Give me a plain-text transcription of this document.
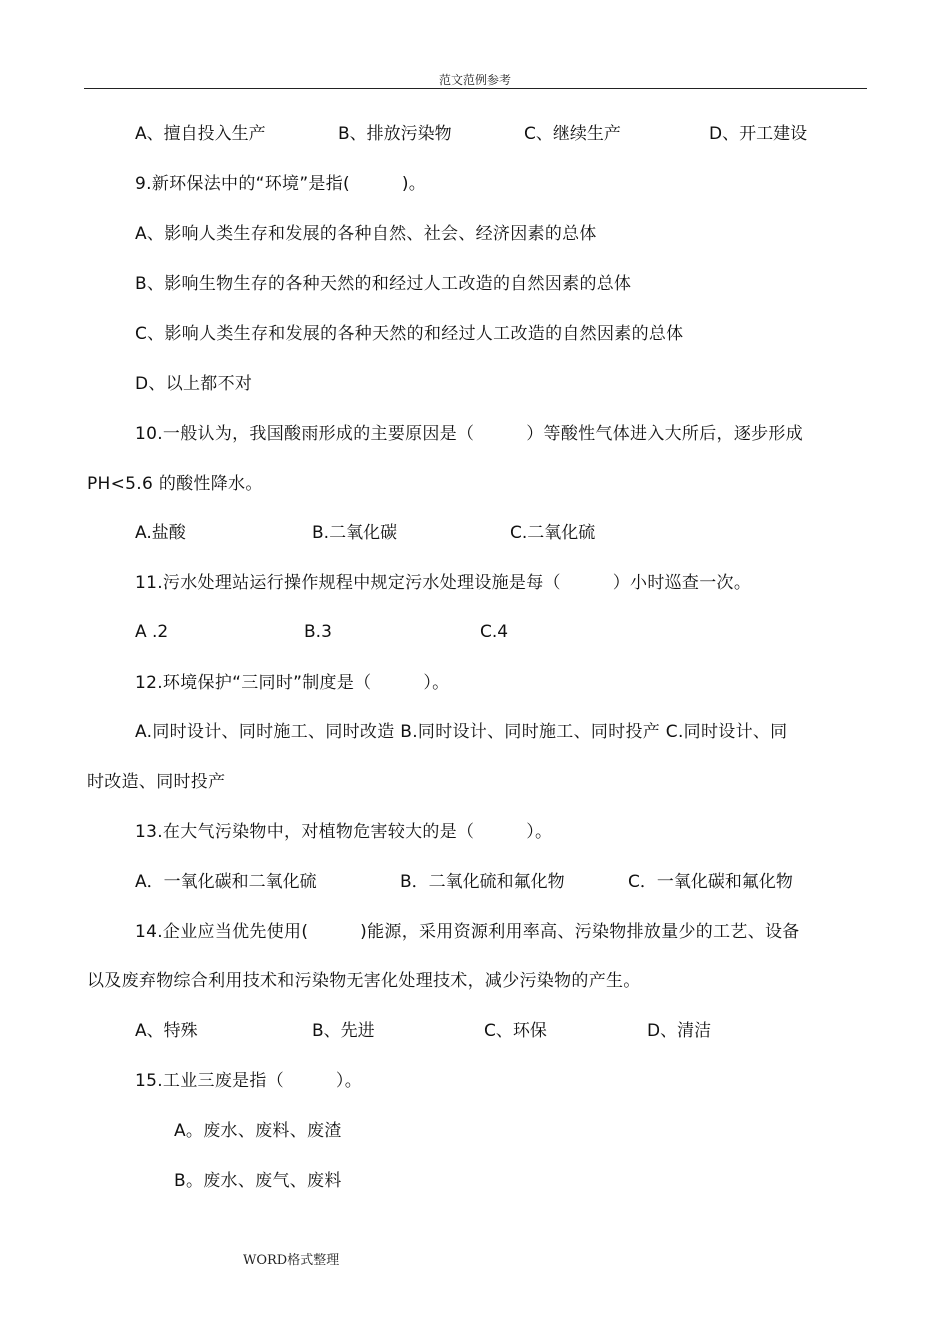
范文范例参考
A、擅自投入生产	B、排放污染物	C、继续生产	D、开工建设
9.新环保法中的“环境”是指(　　　)。
A、影响人类生存和发展的各种自然、社会、经济因素的总体
B、影响生物生存的各种天然的和经过人工改造的自然因素的总体
C、影响人类生存和发展的各种天然的和经过人工改造的自然因素的总体
D、以上都不对
10.一般认为，我国酸雨形成的主要原因是（　　　）等酸性气体进入大所后，逐步形成
PH<5.6 的酸性降水。
A.盐酸	B.二氧化碳	C.二氧化硫
11.污水处理站运行操作规程中规定污水处理设施是每（　　　）小时巡查一次。
A .2	B.3	C.4
12.环境保护“三同时”制度是（　　　）。
A.同时设计、同时施工、同时改造 B.同时设计、同时施工、同时投产 C.同时设计、同
时改造、同时投产
13.在大气污染物中，对植物危害较大的是（　　　）。
A．一氧化碳和二氧化硫	B．二氧化硫和氟化物	C．一氧化碳和氟化物
14.企业应当优先使用(　　　)能源，采用资源利用率高、污染物排放量少的工艺、设备
以及废弃物综合利用技术和污染物无害化处理技术，减少污染物的产生。
A、特殊	B、先进	C、环保	D、清洁
15.工业三废是指（　　　）。
A。废水、废料、废渣
B。废水、废气、废料
WORD格式整理
